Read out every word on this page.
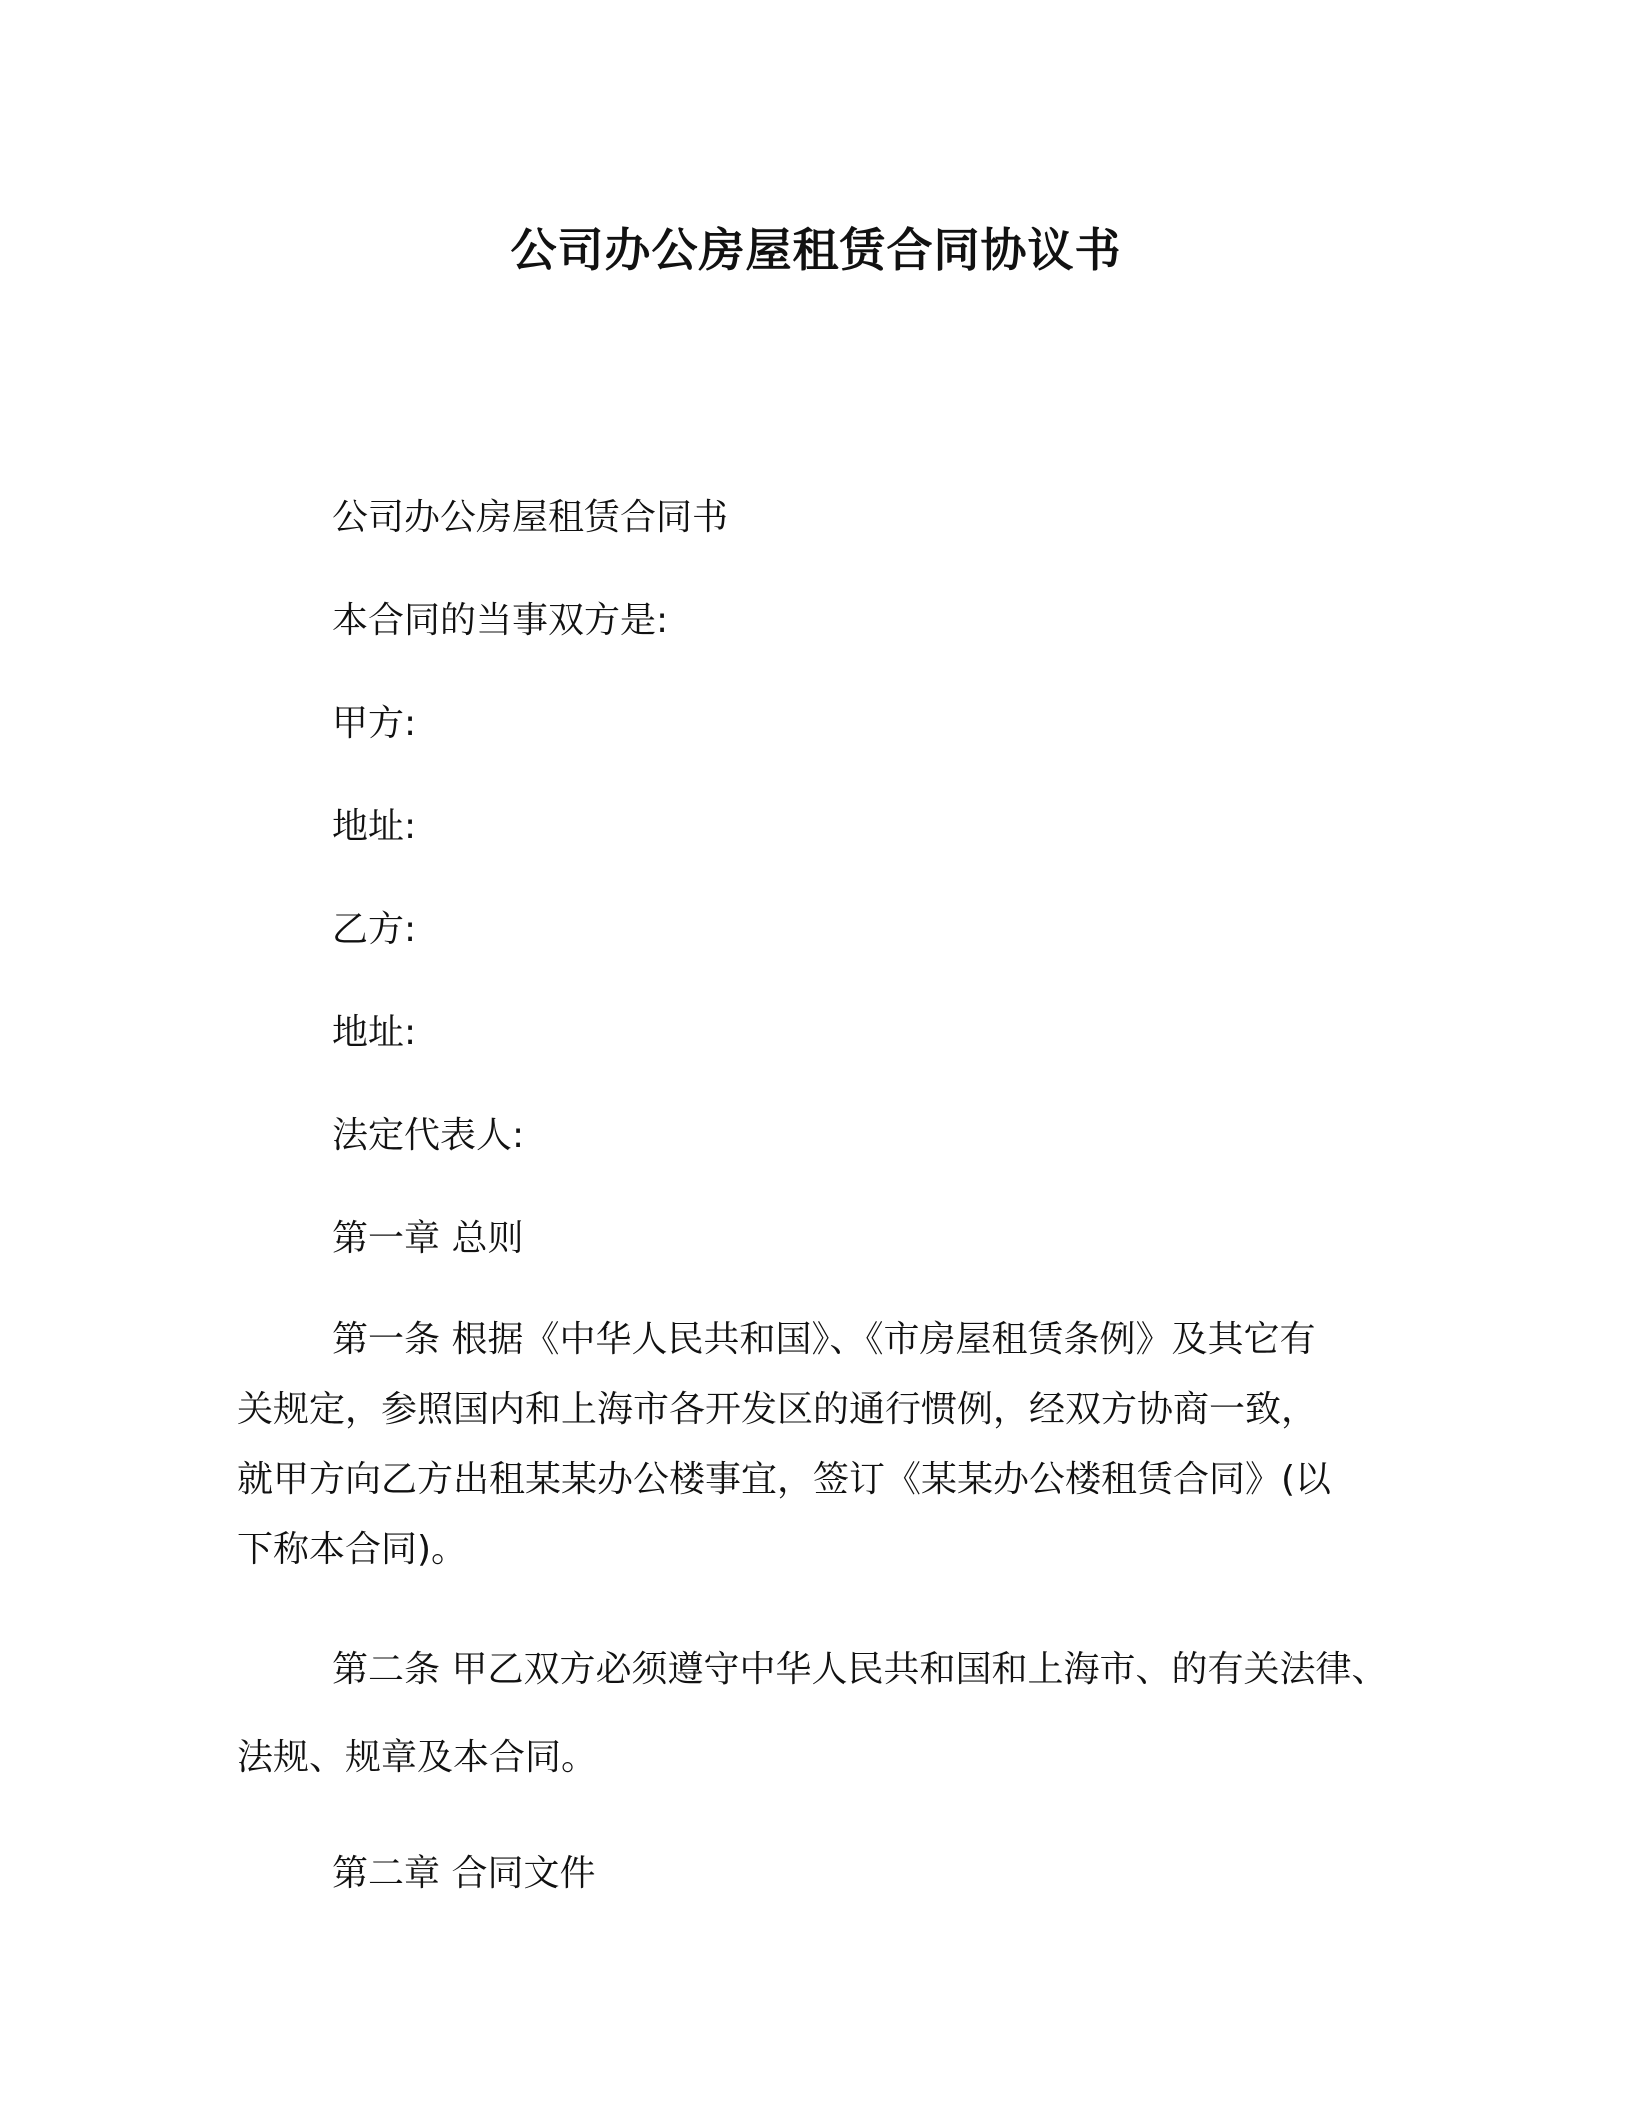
公司办公房屋租赁合同协议书

公司办公房屋租赁合同书

本合同的当事双方是:

甲方:

地址:

乙方:

地址:

法定代表人:

第一章 总则

第一条 根据《中华人民共和国》、《市房屋租赁条例》及其它有
关规定，参照国内和上海市各开发区的通行惯例，经双方协商一致，
就甲方向乙方出租某某办公楼事宜，签订《某某办公楼租赁合同》(以
下称本合同)。
第二条 甲乙双方必须遵守中华人民共和国和上海市、的有关法律、
法规、规章及本合同。

第二章 合同文件
